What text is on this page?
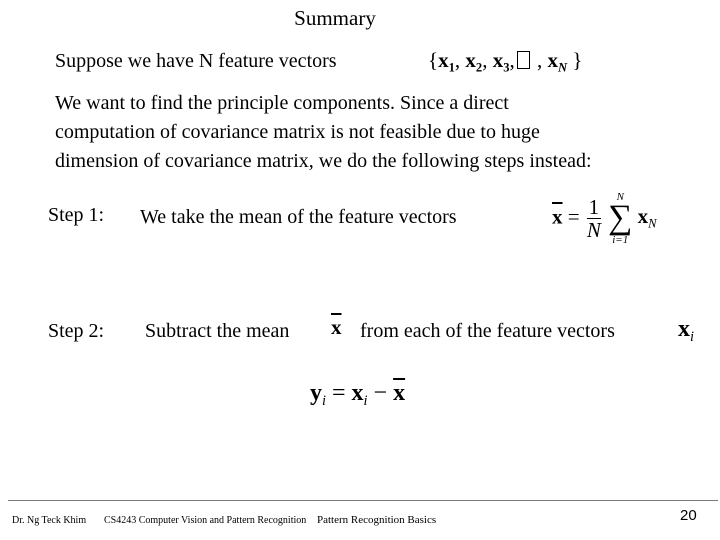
Summary
Suppose we have N feature vectors	{$x_1$, $x_2$, $x_3$, , $x_N$ }
We want to find the principle components. Since a direct
computation of covariance matrix is not feasible due to huge
dimension of covariance matrix, we do the following steps instead:
Step 1: We take the mean of the feature vectors	$\overline{x} = \frac{1}{N}$
N
∑
i=1
$x_N$
Step 2: Subtract the mean $\overline{x}$ from each of the feature vectors	$x_i$
$y_i = x_i - \overline{x}$
Dr. Ng Teck Khim CS4243 Computer Vision and Pattern Recognition Pattern Recognition Basics	20
